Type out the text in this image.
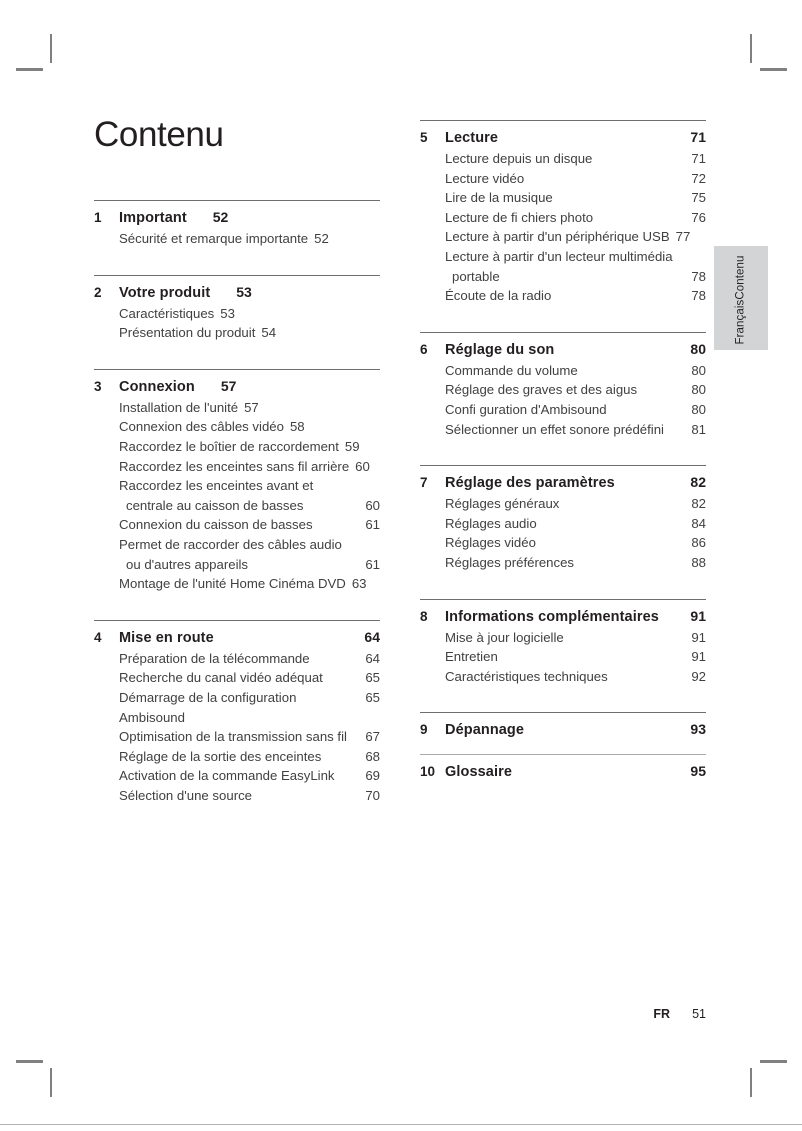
Contenu
1	Important 52
Sécurité et remarque importante 52
2	Votre produit 53
Caractéristiques 53
Présentation du produit 54
3	Connexion 57
Installation de l'unité 57
Connexion des câbles vidéo 58
Raccordez le boîtier de raccordement 59
Raccordez les enceintes sans fil arrière 60
Raccordez les enceintes avant et
centrale au caisson de basses	60
Connexion du caisson de basses	61
Permet de raccorder des câbles audio
ou d'autres appareils	61
Montage de l'unité Home Cinéma DVD 63
4	Mise en route	64
Préparation de la télécommande	64
Recherche du canal vidéo adéquat	65
Démarrage de la configuration Ambisound
65
Optimisation de la transmission sans fil 67
Réglage de la sortie des enceintes	68
Activation de la commande EasyLink 69
Sélection d'une source	70
5	Lecture	71
Lecture depuis un disque	71
Lecture vidéo	72
Lire de la musique	75
Lecture de fi chiers photo	76
Lecture à partir d'un périphérique USB 77
Lecture à partir d'un lecteur multimédia
portable	78
Écoute de la radio	78
6	Réglage du son	80
Commande du volume	80
Réglage des graves et des aigus	80
Confi guration d'Ambisound	80
Sélectionner un effet sonore prédéfini 81
7	Réglage des paramètres	82
Réglages généraux	82
Réglages audio	84
Réglages vidéo	86
Réglages préférences	88
8	Informations complémentaires	91
Mise à jour logicielle	91
Entretien	91
Caractéristiques techniques	92
9	Dépannage	93
10 Glossaire	95
FrançaisContenu
FR 51
